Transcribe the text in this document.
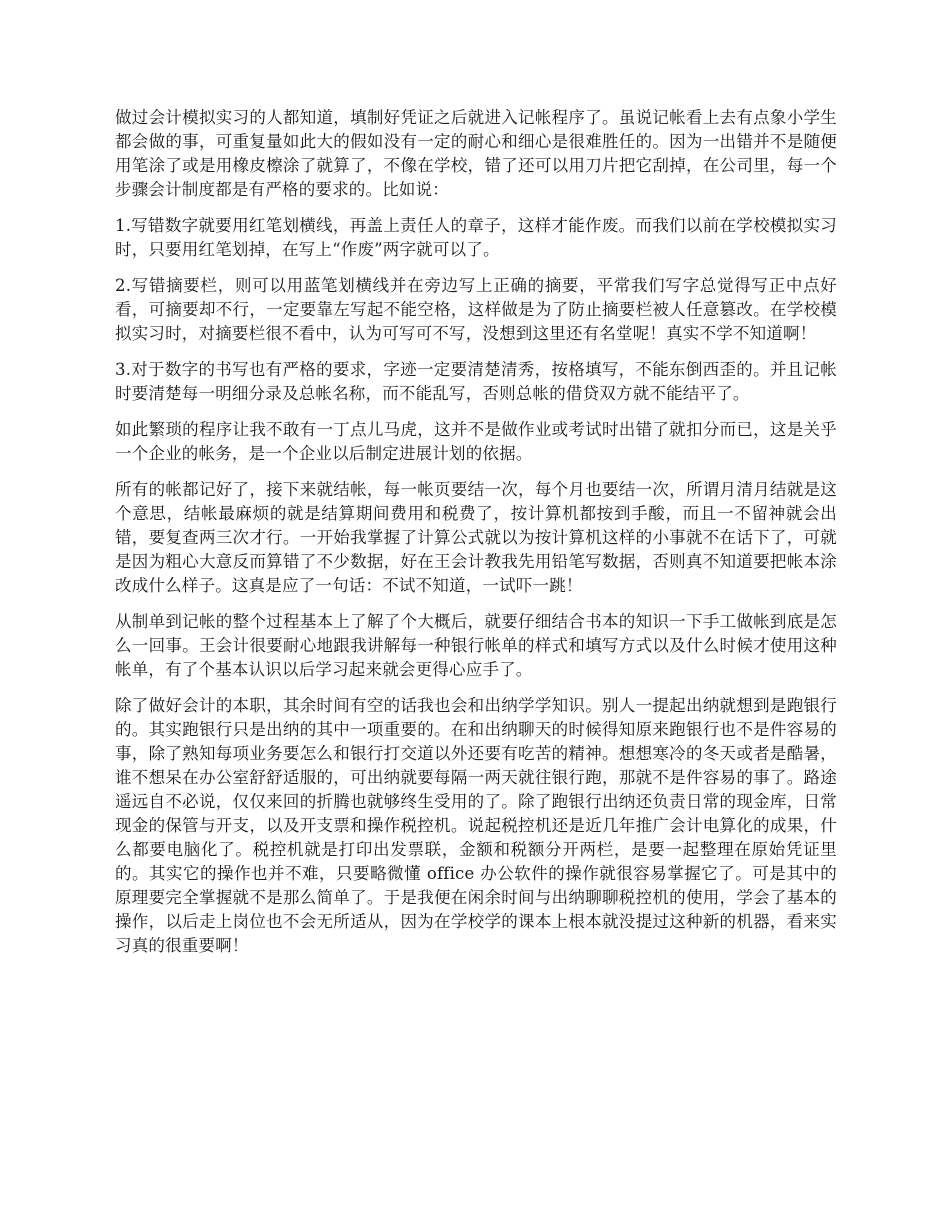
做过会计模拟实习的人都知道，填制好凭证之后就进入记帐程序了。虽说记帐看上去有点象小学生都会做的事，可重复量如此大的假如没有一定的耐心和细心是很难胜任的。因为一出错并不是随便用笔涂了或是用橡皮檫涂了就算了，不像在学校，错了还可以用刀片把它刮掉，在公司里，每一个步骤会计制度都是有严格的要求的。比如说：

1.写错数字就要用红笔划横线，再盖上责任人的章子，这样才能作废。而我们以前在学校模拟实习时，只要用红笔划掉，在写上“作废”两字就可以了。

2.写错摘要栏，则可以用蓝笔划横线并在旁边写上正确的摘要，平常我们写字总觉得写正中点好看，可摘要却不行，一定要靠左写起不能空格，这样做是为了防止摘要栏被人任意篡改。在学校模拟实习时，对摘要栏很不看中，认为可写可不写，没想到这里还有名堂呢！真实不学不知道啊！

3.对于数字的书写也有严格的要求，字迹一定要清楚清秀，按格填写，不能东倒西歪的。并且记帐时要清楚每一明细分录及总帐名称，而不能乱写，否则总帐的借贷双方就不能结平了。

如此繁琐的程序让我不敢有一丁点儿马虎，这并不是做作业或考试时出错了就扣分而已，这是关乎一个企业的帐务，是一个企业以后制定进展计划的依据。

所有的帐都记好了，接下来就结帐，每一帐页要结一次，每个月也要结一次，所谓月清月结就是这个意思，结帐最麻烦的就是结算期间费用和税费了，按计算机都按到手酸，而且一不留神就会出错，要复查两三次才行。一开始我掌握了计算公式就以为按计算机这样的小事就不在话下了，可就是因为粗心大意反而算错了不少数据，好在王会计教我先用铅笔写数据，否则真不知道要把帐本涂改成什么样子。这真是应了一句话：不试不知道，一试吓一跳！

从制单到记帐的整个过程基本上了解了个大概后，就要仔细结合书本的知识一下手工做帐到底是怎么一回事。王会计很要耐心地跟我讲解每一种银行帐单的样式和填写方式以及什么时候才使用这种帐单，有了个基本认识以后学习起来就会更得心应手了。

除了做好会计的本职，其余时间有空的话我也会和出纳学学知识。别人一提起出纳就想到是跑银行的。其实跑银行只是出纳的其中一项重要的。在和出纳聊天的时候得知原来跑银行也不是件容易的事，除了熟知每项业务要怎么和银行打交道以外还要有吃苦的精神。想想寒冷的冬天或者是酷暑，谁不想呆在办公室舒舒适服的，可出纳就要每隔一两天就往银行跑，那就不是件容易的事了。路途遥远自不必说，仅仅来回的折腾也就够终生受用的了。除了跑银行出纳还负责日常的现金库，日常现金的保管与开支，以及开支票和操作税控机。说起税控机还是近几年推广会计电算化的成果，什么都要电脑化了。税控机就是打印出发票联，金额和税额分开两栏，是要一起整理在原始凭证里的。其实它的操作也并不难，只要略微懂 office 办公软件的操作就很容易掌握它了。可是其中的原理要完全掌握就不是那么简单了。于是我便在闲余时间与出纳聊聊税控机的使用，学会了基本的操作，以后走上岗位也不会无所适从，因为在学校学的课本上根本就没提过这种新的机器，看来实习真的很重要啊！
